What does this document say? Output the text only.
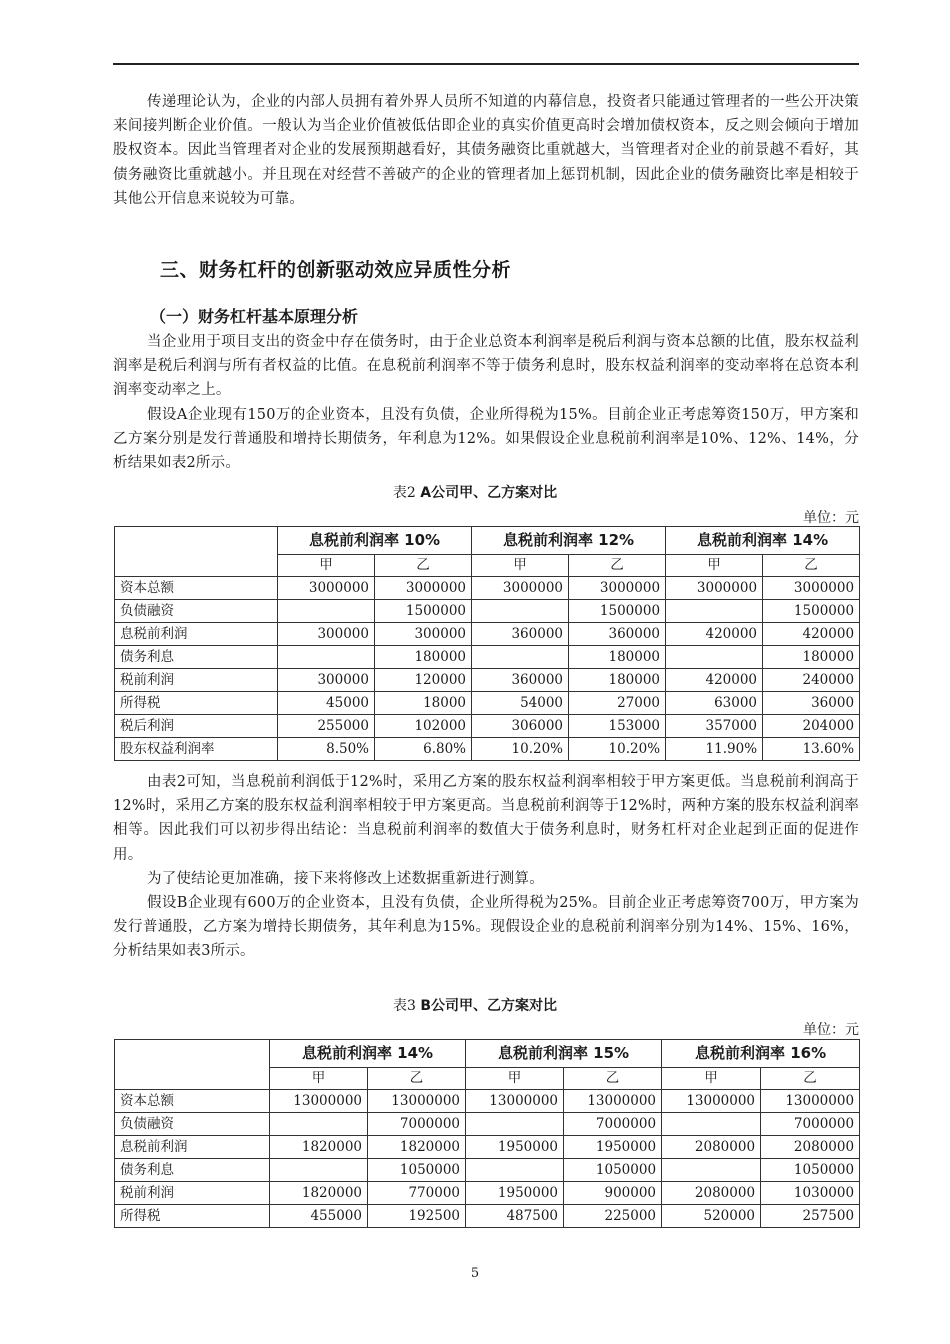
传递理论认为，企业的内部人员拥有着外界人员所不知道的内幕信息，投资者只能通过管理者的一些公开决策来间接判断企业价值。一般认为当企业价值被低估即企业的真实价值更高时会增加债权资本，反之则会倾向于增加股权资本。因此当管理者对企业的发展预期越看好，其债务融资比重就越大，当管理者对企业的前景越不看好，其债务融资比重就越小。并且现在对经营不善破产的企业的管理者加上惩罚机制，因此企业的债务融资比率是相较于其他公开信息来说较为可靠。
三、财务杠杆的创新驱动效应异质性分析
（一）财务杠杆基本原理分析
当企业用于项目支出的资金中存在债务时，由于企业总资本利润率是税后利润与资本总额的比值，股东权益利润率是税后利润与所有者权益的比值。在息税前利润率不等于债务利息时，股东权益利润率的变动率将在总资本利润率变动率之上。
假设A企业现有150万的企业资本，且没有负债，企业所得税为15%。目前企业正考虑筹资150万，甲方案和乙方案分别是发行普通股和增持长期债务，年利息为12%。如果假设企业息税前利润率是10%、12%、14%，分析结果如表2所示。
表2 A公司甲、乙方案对比
单位：元
	息税前利润率 10%		息税前利润率 12%		息税前利润率 14%	
	甲	乙	甲	乙	甲	乙
资本总额	3000000	3000000	3000000	3000000	3000000	3000000
负债融资		1500000		1500000		1500000
息税前利润	300000	300000	360000	360000	420000	420000
债务利息		180000		180000		180000
税前利润	300000	120000	360000	180000	420000	240000
所得税	45000	18000	54000	27000	63000	36000
税后利润	255000	102000	306000	153000	357000	204000
股东权益利润率	8.50%	6.80%	10.20%	10.20%	11.90%	13.60%
由表2可知，当息税前利润低于12%时，采用乙方案的股东权益利润率相较于甲方案更低。当息税前利润高于12%时，采用乙方案的股东权益利润率相较于甲方案更高。当息税前利润等于12%时，两种方案的股东权益利润率相等。因此我们可以初步得出结论：当息税前利润率的数值大于债务利息时，财务杠杆对企业起到正面的促进作用。
为了使结论更加准确，接下来将修改上述数据重新进行测算。
假设B企业现有600万的企业资本，且没有负债，企业所得税为25%。目前企业正考虑筹资700万，甲方案为发行普通股，乙方案为增持长期债务，其年利息为15%。现假设企业的息税前利润率分别为14%、15%、16%，分析结果如表3所示。
表3 B公司甲、乙方案对比
单位：元
	息税前利润率 14%		息税前利润率 15%		息税前利润率 16%	
	甲	乙	甲	乙	甲	乙
资本总额	13000000	13000000	13000000	13000000	13000000	13000000
负债融资		7000000		7000000		7000000
息税前利润	1820000	1820000	1950000	1950000	2080000	2080000
债务利息		1050000		1050000		1050000
税前利润	1820000	770000	1950000	900000	2080000	1030000
所得税	455000	192500	487500	225000	520000	257500
5
